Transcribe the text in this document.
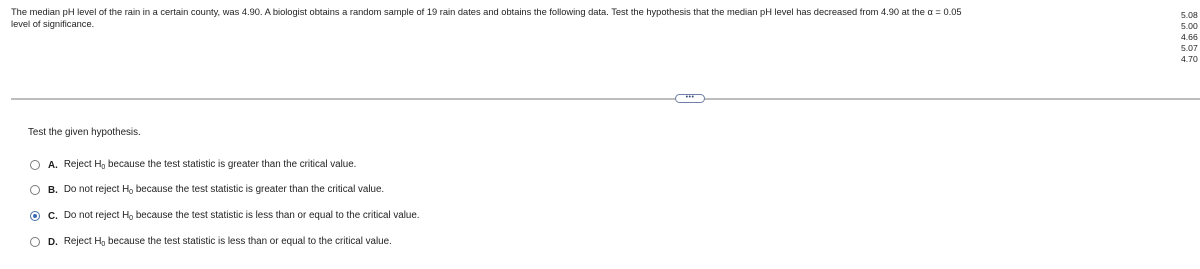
The median pH level of the rain in a certain county, was 4.90. A biologist obtains a random sample of 19 rain dates and obtains the following data. Test the hypothesis that the median pH level has decreased from 4.90 at the α = 0.05
level of significance.
5.08
5.00
4.66
5.07
4.70
•••
Test the given hypothesis.
A. Reject $H_0$ because the test statistic is greater than the critical value.
B. Do not reject $H_0$ because the test statistic is greater than the critical value.
C. Do not reject $H_0$ because the test statistic is less than or equal to the critical value.
D. Reject $H_0$ because the test statistic is less than or equal to the critical value.
